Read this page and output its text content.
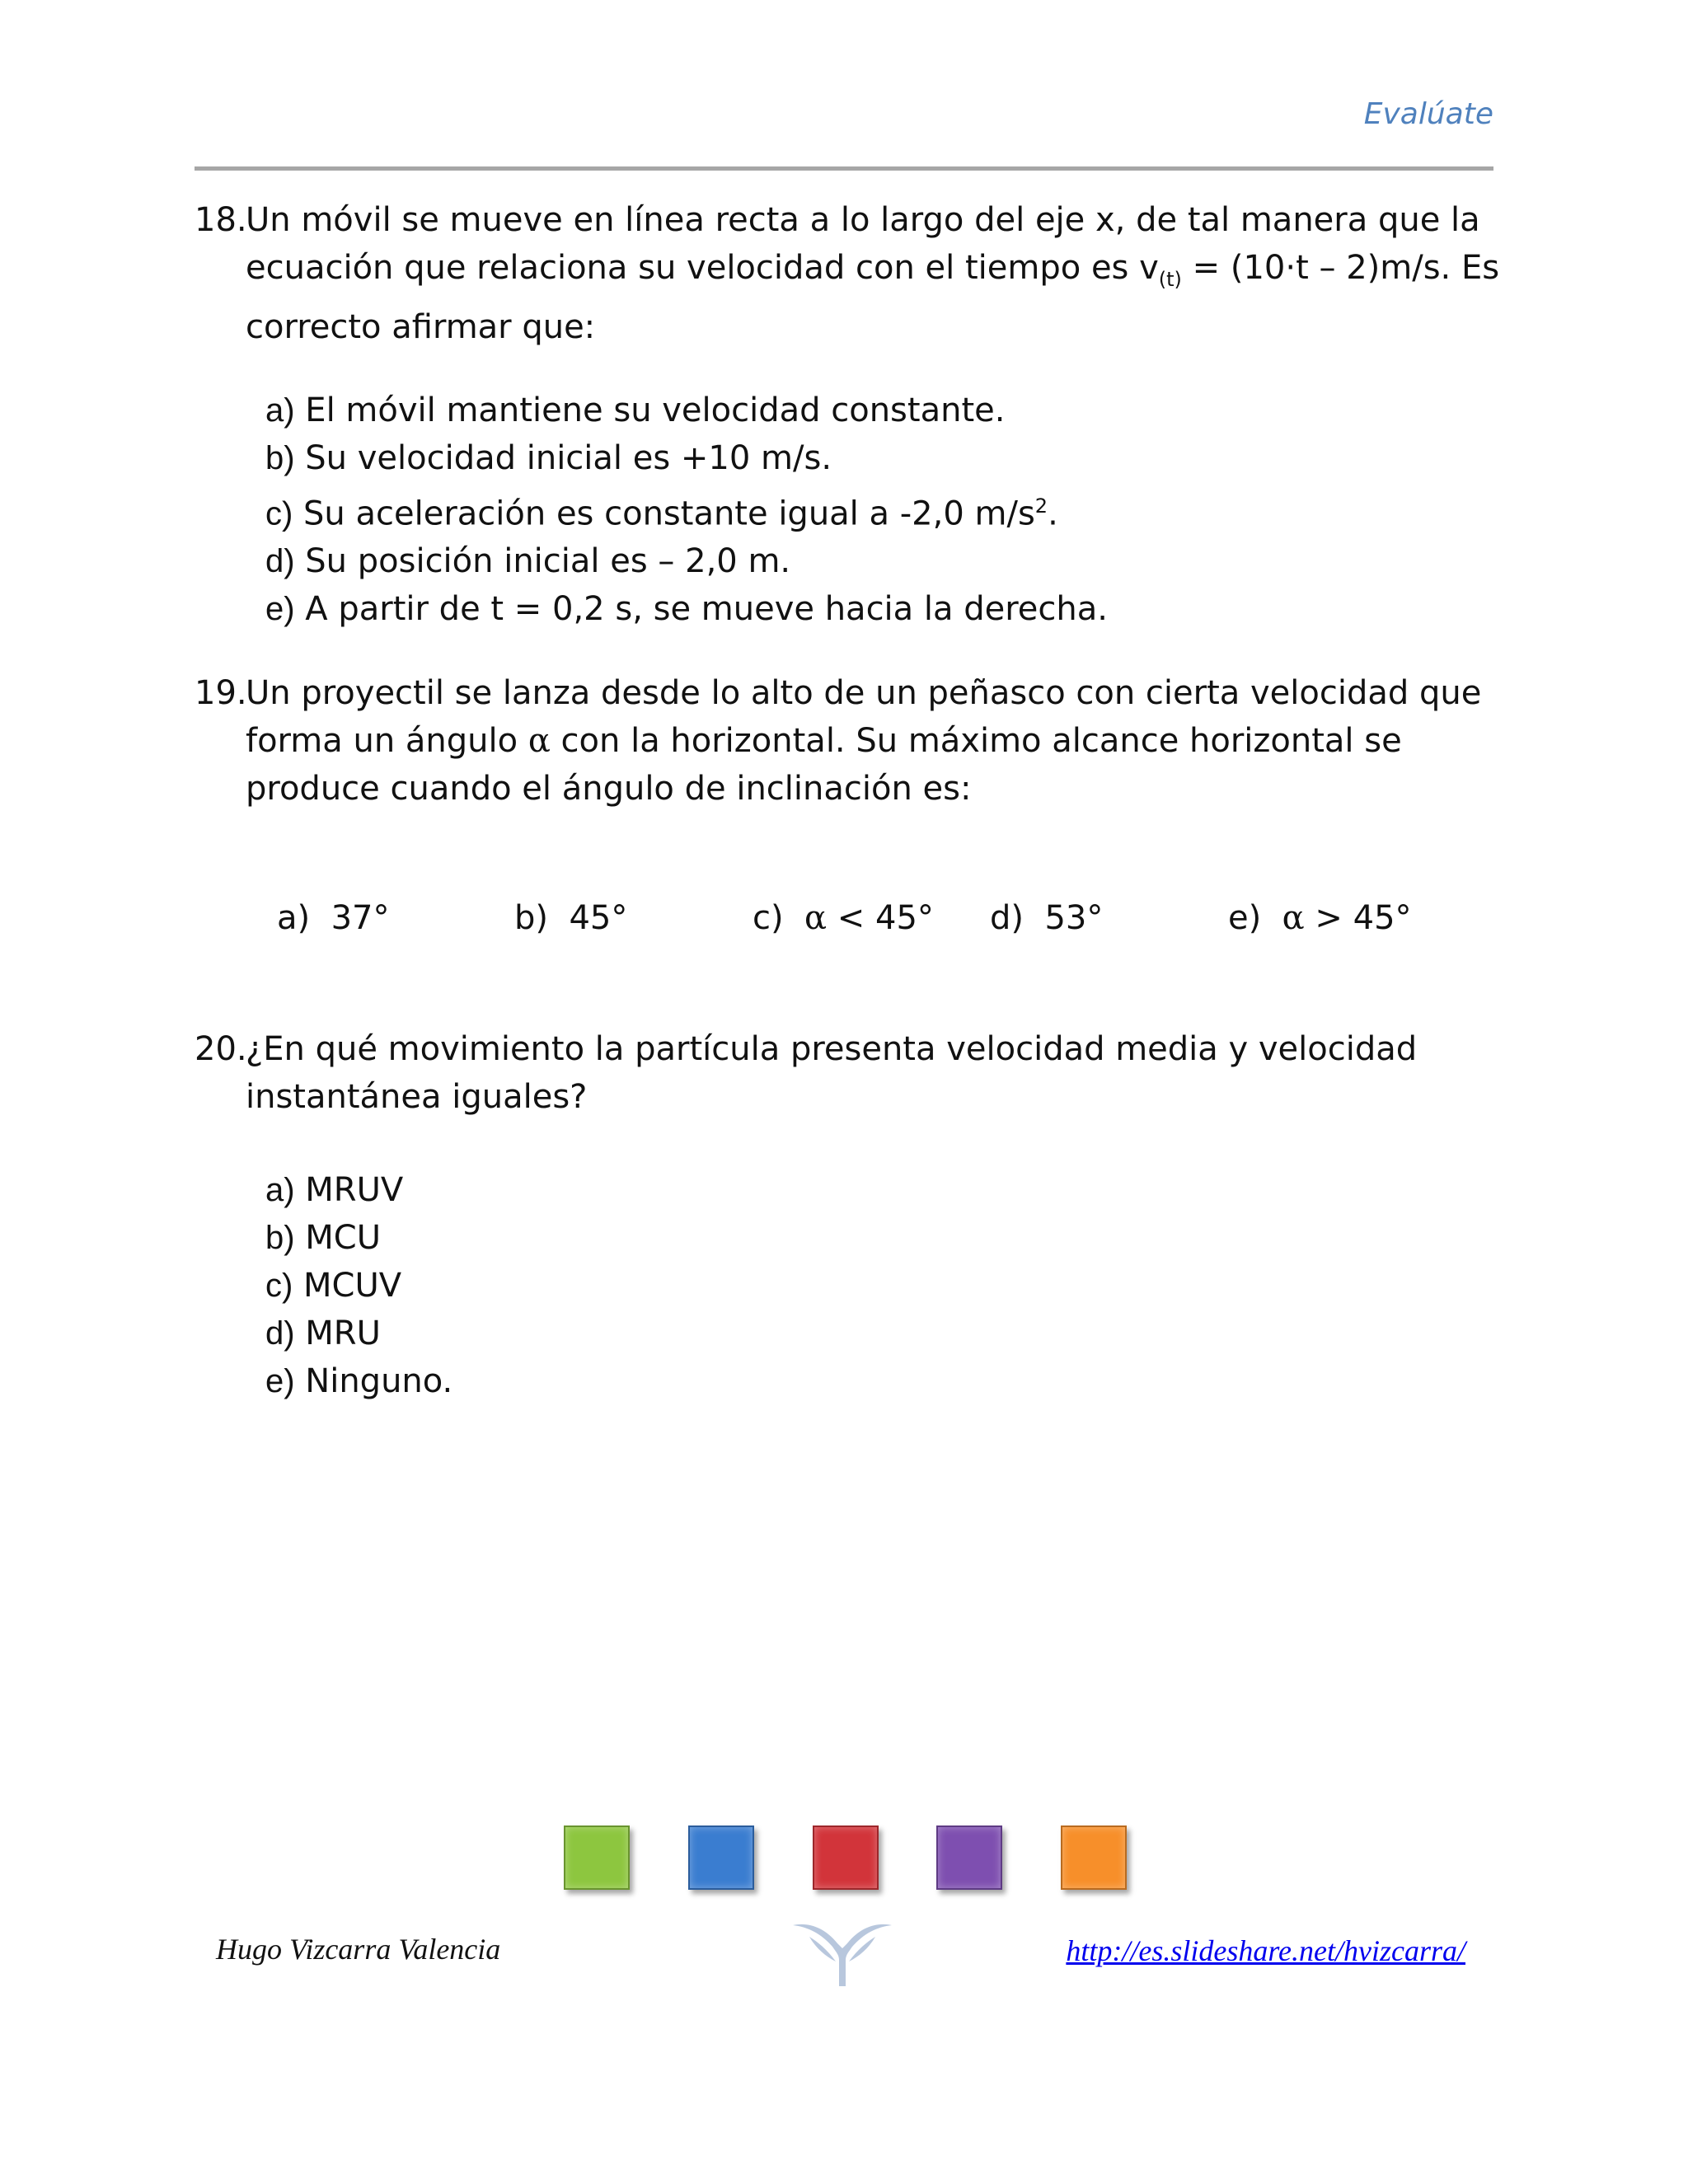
Evalúate
18.
Un móvil se mueve en línea recta a lo largo del eje x, de tal manera que la ecuación que relaciona su velocidad con el tiempo es $v_{(t)} = (10\cdot t - 2)m/s$. Es correcto afirmar que:
a) El móvil mantiene su velocidad constante.
b) Su velocidad inicial es +10 m/s.
c) Su aceleración es constante igual a -2,0 $m/s^2$.
d) Su posición inicial es – 2,0 m.
e) A partir de t = 0,2 s, se mueve hacia la derecha.
19.
Un proyectil se lanza desde lo alto de un peñasco con cierta velocidad que forma un ángulo α con la horizontal. Su máximo alcance horizontal se produce cuando el ángulo de inclinación es:
a) 37°	b) 45°	c) α < 45° d) 53°	e) α > 45°
20.
¿En qué movimiento la partícula presenta velocidad media y velocidad instantánea iguales?
a) MRUV
b) MCU
c) MCUV
d) MRU
e) Ninguno.
Hugo Vizcarra Valencia	http://es.slideshare.net/hvizcarra/
